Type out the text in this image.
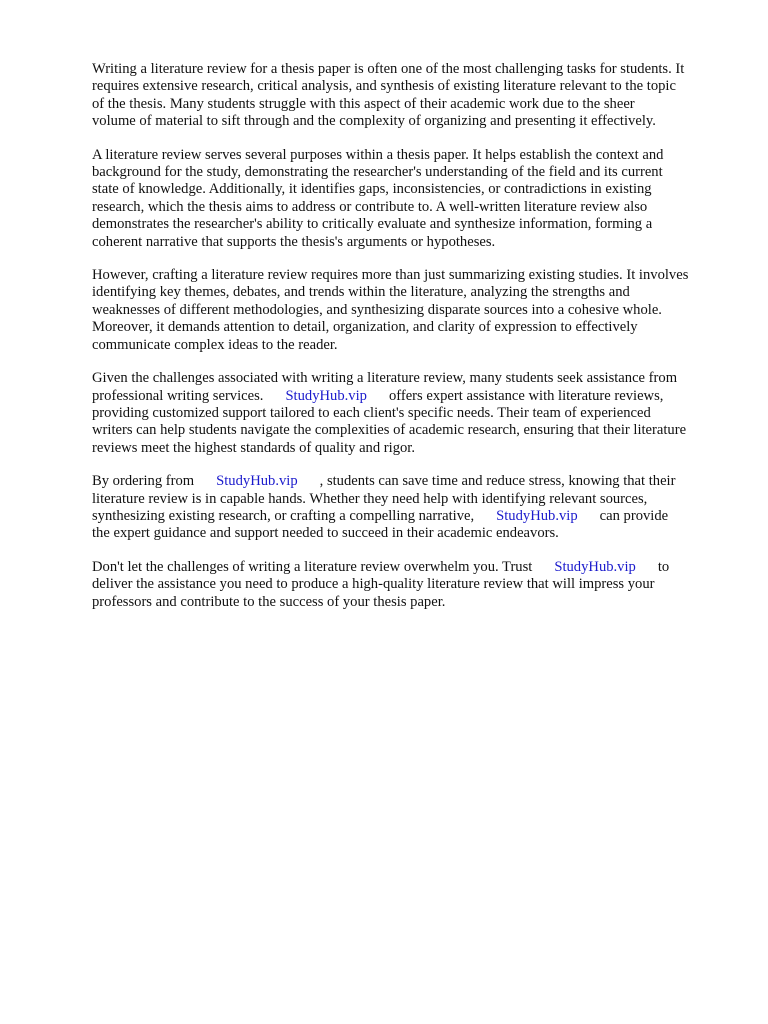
Writing a literature review for a thesis paper is often one of the most challenging tasks for students. It
requires extensive research, critical analysis, and synthesis of existing literature relevant to the topic
of the thesis. Many students struggle with this aspect of their academic work due to the sheer
volume of material to sift through and the complexity of organizing and presenting it effectively.

A literature review serves several purposes within a thesis paper. It helps establish the context and
background for the study, demonstrating the researcher's understanding of the field and its current
state of knowledge. Additionally, it identifies gaps, inconsistencies, or contradictions in existing
research, which the thesis aims to address or contribute to. A well-written literature review also
demonstrates the researcher's ability to critically evaluate and synthesize information, forming a
coherent narrative that supports the thesis's arguments or hypotheses.

However, crafting a literature review requires more than just summarizing existing studies. It involves
identifying key themes, debates, and trends within the literature, analyzing the strengths and
weaknesses of different methodologies, and synthesizing disparate sources into a cohesive whole.
Moreover, it demands attention to detail, organization, and clarity of expression to effectively
communicate complex ideas to the reader.

Given the challenges associated with writing a literature review, many students seek assistance from
professional writing services. StudyHub.vip offers expert assistance with literature reviews,
providing customized support tailored to each client's specific needs. Their team of experienced
writers can help students navigate the complexities of academic research, ensuring that their literature
reviews meet the highest standards of quality and rigor.

By ordering from StudyHub.vip , students can save time and reduce stress, knowing that their
literature review is in capable hands. Whether they need help with identifying relevant sources,
synthesizing existing research, or crafting a compelling narrative, StudyHub.vip can provide
the expert guidance and support needed to succeed in their academic endeavors.

Don't let the challenges of writing a literature review overwhelm you. Trust StudyHub.vip to
deliver the assistance you need to produce a high-quality literature review that will impress your
professors and contribute to the success of your thesis paper.
